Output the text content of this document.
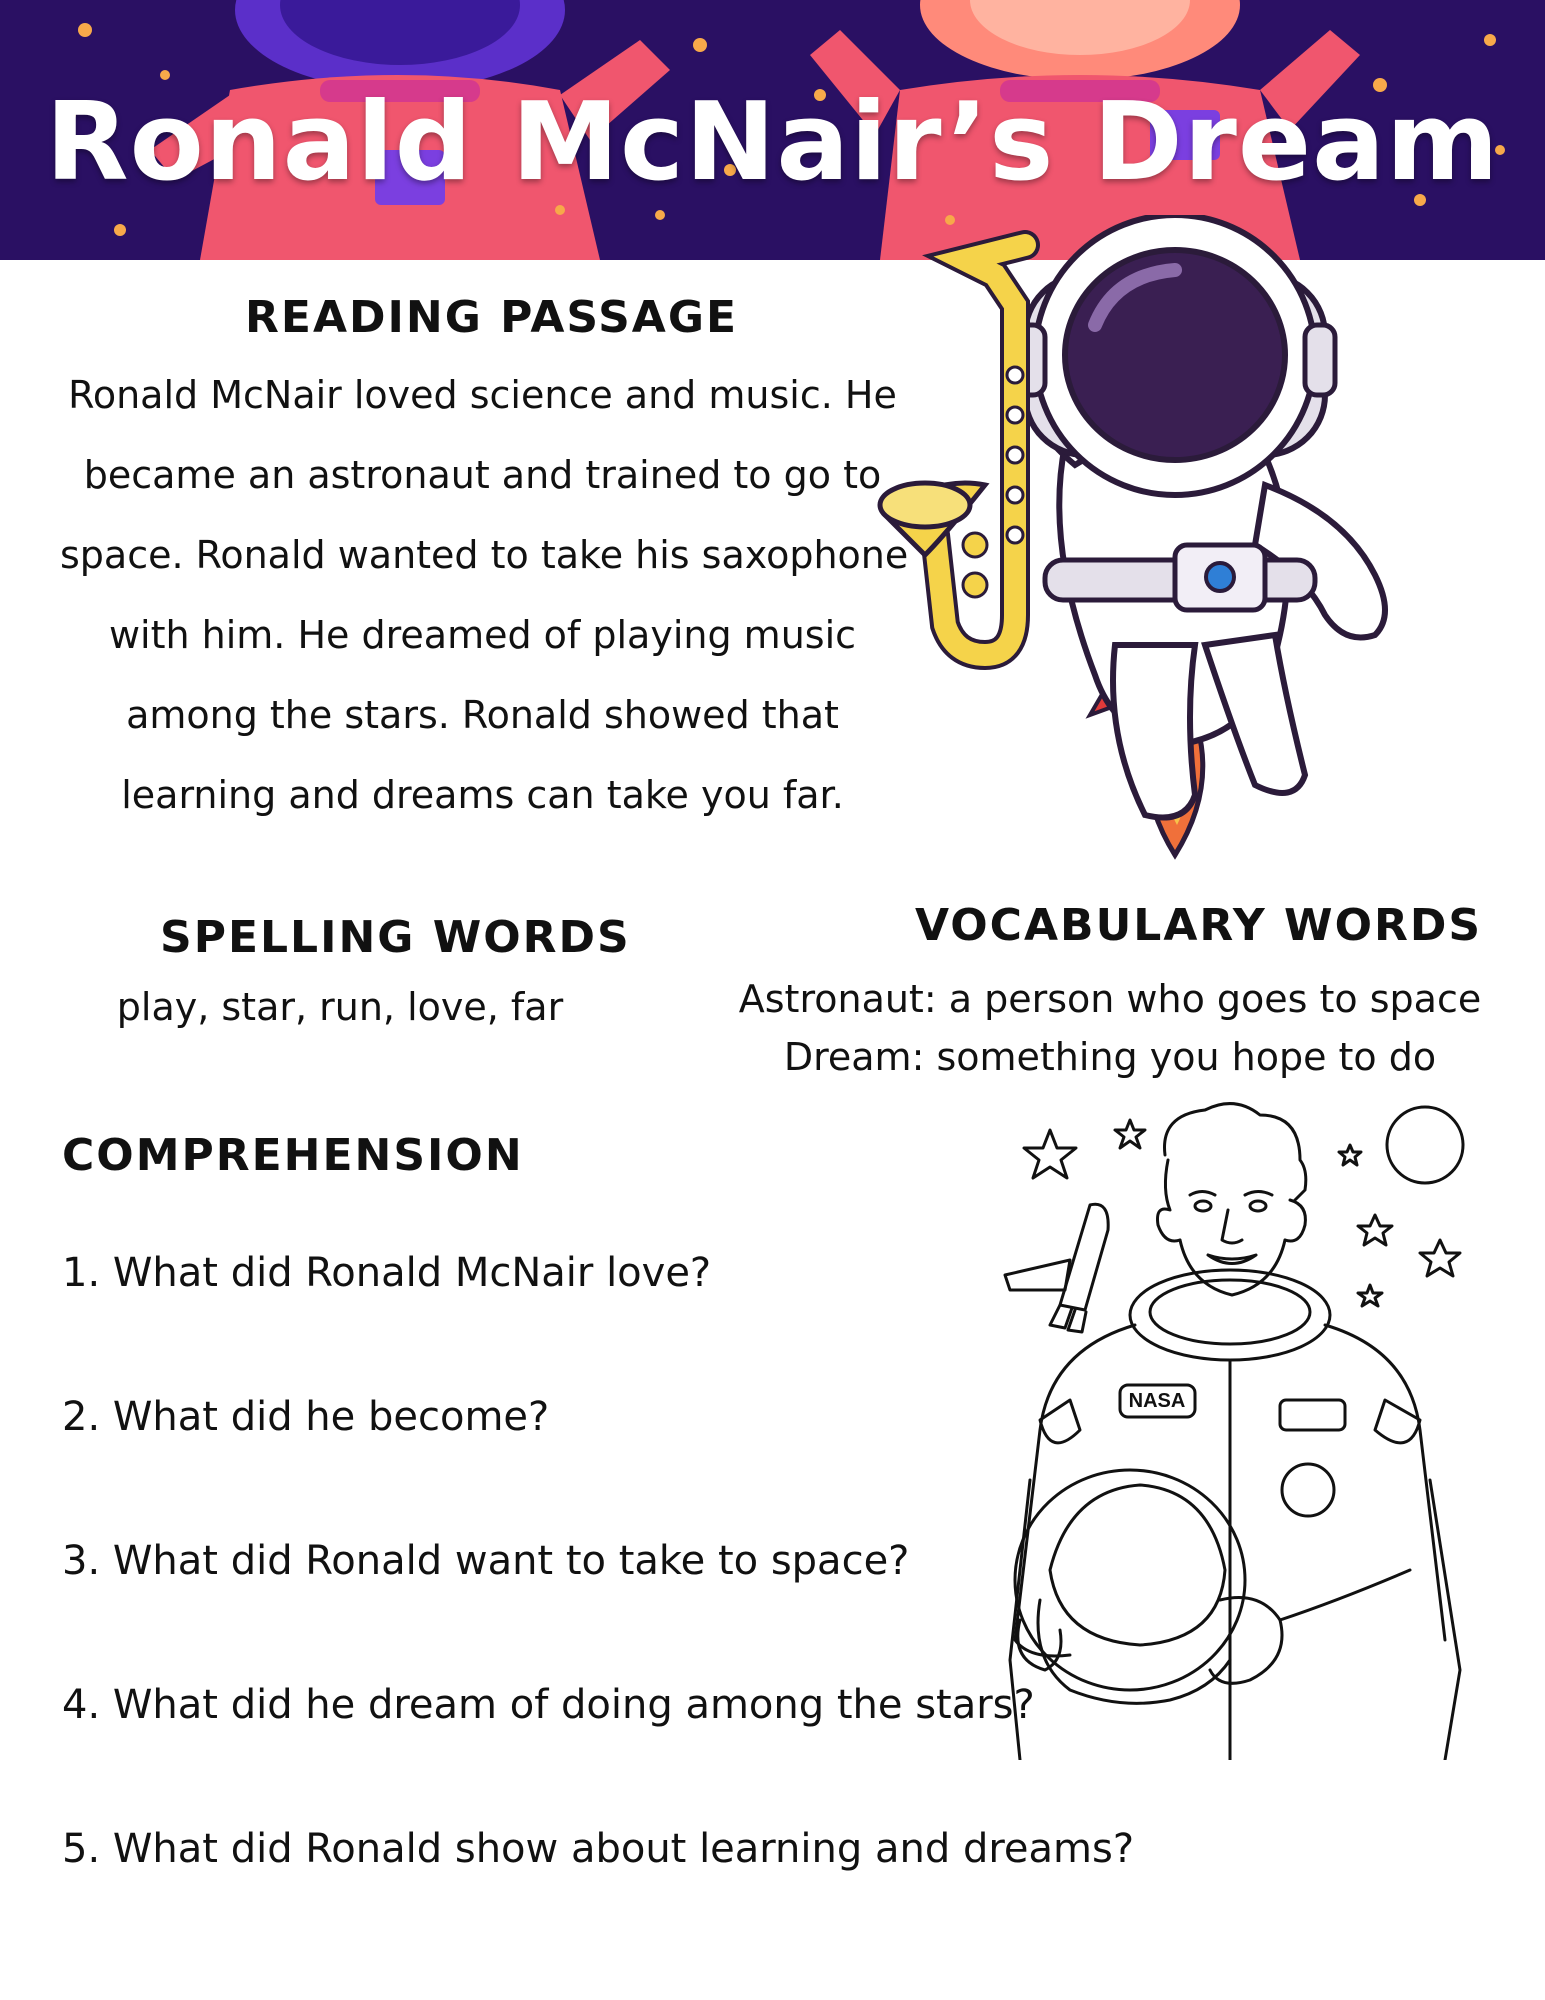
Ronald McNair’s Dream
READING PASSAGE
Ronald McNair loved science and music. He
became an astronaut and trained to go to
space. Ronald wanted to take his saxophone
with him. He dreamed of playing music
among the stars. Ronald showed that
learning and dreams can take you far.
SPELLING WORDS
play, star, run, love, far
VOCABULARY WORDS
Astronaut: a person who goes to space
Dream: something you hope to do
COMPREHENSION
1. What did Ronald McNair love?
2. What did he become?
3. What did Ronald want to take to space?
4. What did he dream of doing among the stars?
5. What did Ronald show about learning and dreams?
NASA
